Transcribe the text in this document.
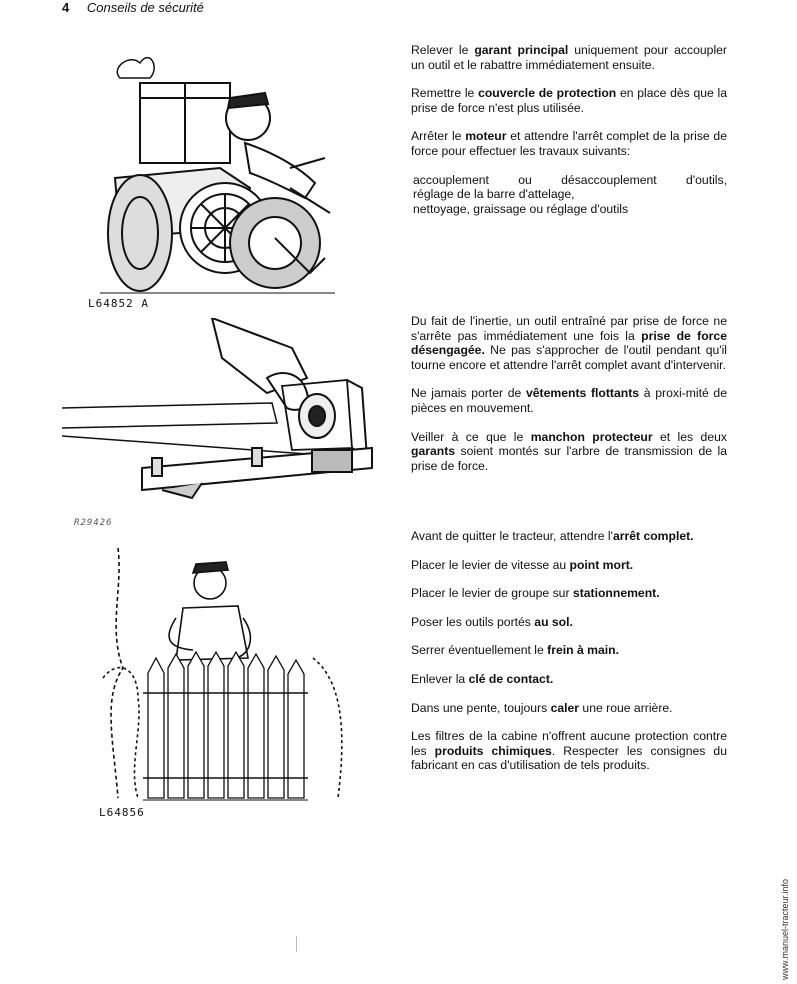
4 Conseils de sécurité
L64852 A
R29426
L64856

Relever le garant principal uniquement pour accoupler un outil et le rabattre immédiatement ensuite.

Remettre le couvercle de protection en place dès que la prise de force n'est plus utilisée.

Arrêter le moteur et attendre l'arrêt complet de la prise de force pour effectuer les travaux suivants:

accouplement ou désaccouplement d'outils,
réglage de la barre d'attelage,
nettoyage, graissage ou réglage d'outils

Du fait de l'inertie, un outil entraîné par prise de force ne s'arrête pas immédiatement une fois la prise de force désengagée. Ne pas s'approcher de l'outil pendant qu'il tourne encore et attendre l'arrêt complet avant d'intervenir.

Ne jamais porter de vêtements flottants à proxi-mité de pièces en mouvement.

Veiller à ce que le manchon protecteur et les deux garants soient montés sur l'arbre de transmission de la prise de force.

Avant de quitter le tracteur, attendre l'arrêt complet.

Placer le levier de vitesse au point mort.

Placer le levier de groupe sur stationnement.

Poser les outils portés au sol.

Serrer éventuellement le frein à main.

Enlever la clé de contact.

Dans une pente, toujours caler une roue arrière.

Les filtres de la cabine n'offrent aucune protection contre les produits chimiques. Respecter les consignes du fabricant en cas d'utilisation de tels produits.

www.manuel-tracteur.info
